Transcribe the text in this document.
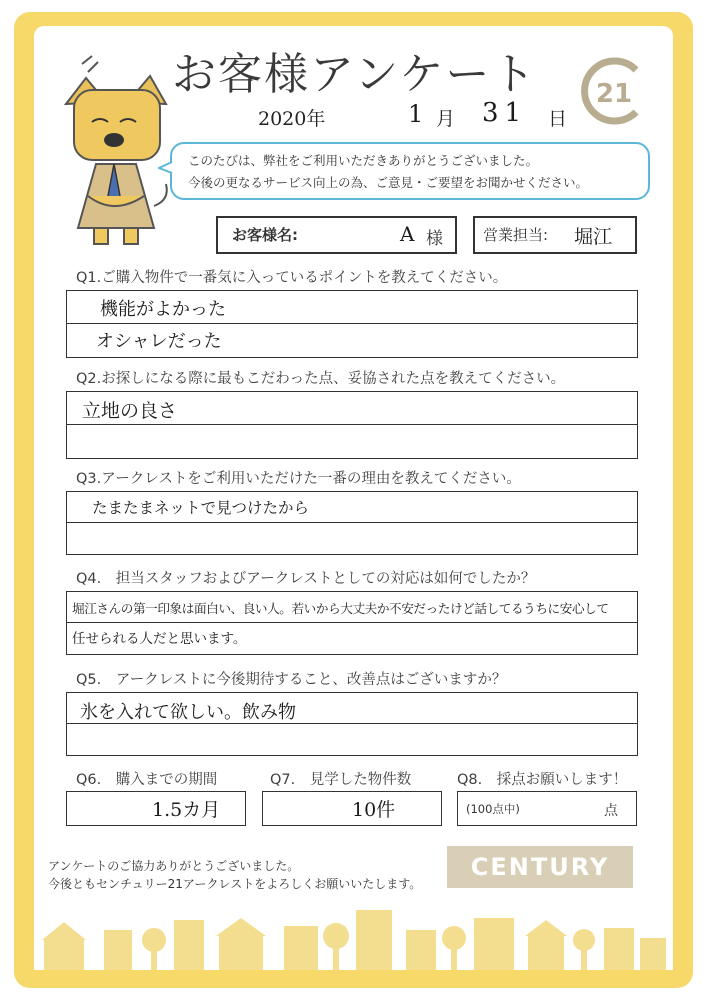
お客様アンケート 21
2020年	1 月 31 日
このたびは、弊社をご利用いただきありがとうございました。
今後の更なるサービス向上の為、ご意見・ご要望をお聞かせください。
お客様名:	A 様	営業担当: 堀江
Q1.ご購入物件で一番気に入っているポイントを教えてください。
機能がよかった
オシャレだった
Q2.お探しになる際に最もこだわった点、妥協された点を教えてください。
立地の良さ
Q3.アークレストをご利用いただけた一番の理由を教えてください。
たまたまネットで見つけたから
Q4.　担当スタッフおよびアークレストとしての対応は如何でしたか？
堀江さんの第一印象は面白い、良い人。若いから大丈夫か不安だったけど話してるうちに安心して
任せられる人だと思います。
Q5.　アークレストに今後期待すること、改善点はございますか？
氷を入れて欲しい。飲み物
Q6.　購入までの期間	Q7.　見学した物件数	Q8.　採点お願いします！
1.5カ月	10件	(100点中)	点
アンケートのご協力ありがとうございました。
今後ともセンチュリー21アークレストをよろしくお願いいたします。
CENTURY
